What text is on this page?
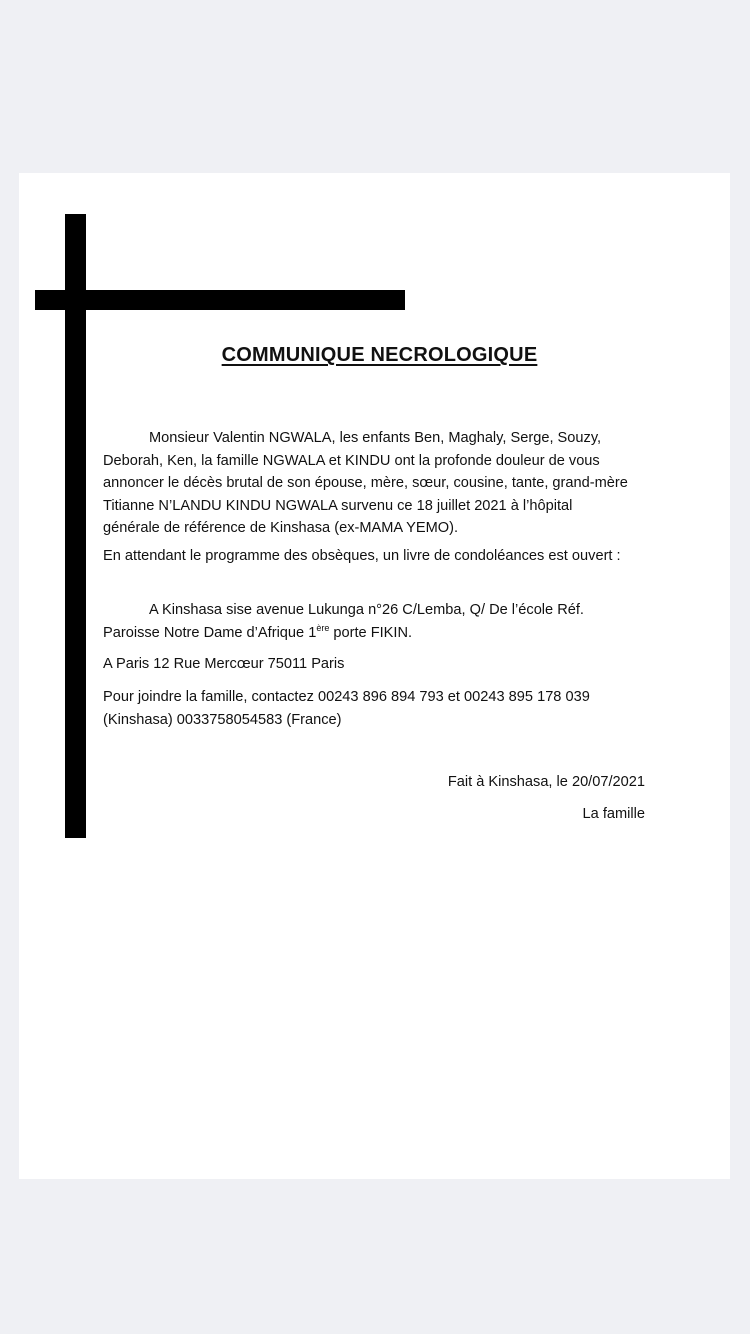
COMMUNIQUE NECROLOGIQUE

Monsieur Valentin NGWALA, les enfants Ben, Maghaly, Serge, Souzy, Deborah, Ken, la famille NGWALA et KINDU ont la profonde douleur de vous annoncer le décès brutal de son épouse, mère, sœur, cousine, tante, grand-mère Titianne N’LANDU KINDU NGWALA survenu ce 18 juillet 2021 à l’hôpital générale de référence de Kinshasa (ex-MAMA YEMO).

En attendant le programme des obsèques, un livre de condoléances est ouvert :

A Kinshasa sise avenue Lukunga n°26 C/Lemba, Q/ De l’école Réf. Paroisse Notre Dame d’Afrique 1ère porte FIKIN.

A Paris 12 Rue Mercœur 75011 Paris

Pour joindre la famille, contactez 00243 896 894 793 et 00243 895 178 039 (Kinshasa) 0033758054583 (France)

Fait à Kinshasa, le 20/07/2021
La famille
